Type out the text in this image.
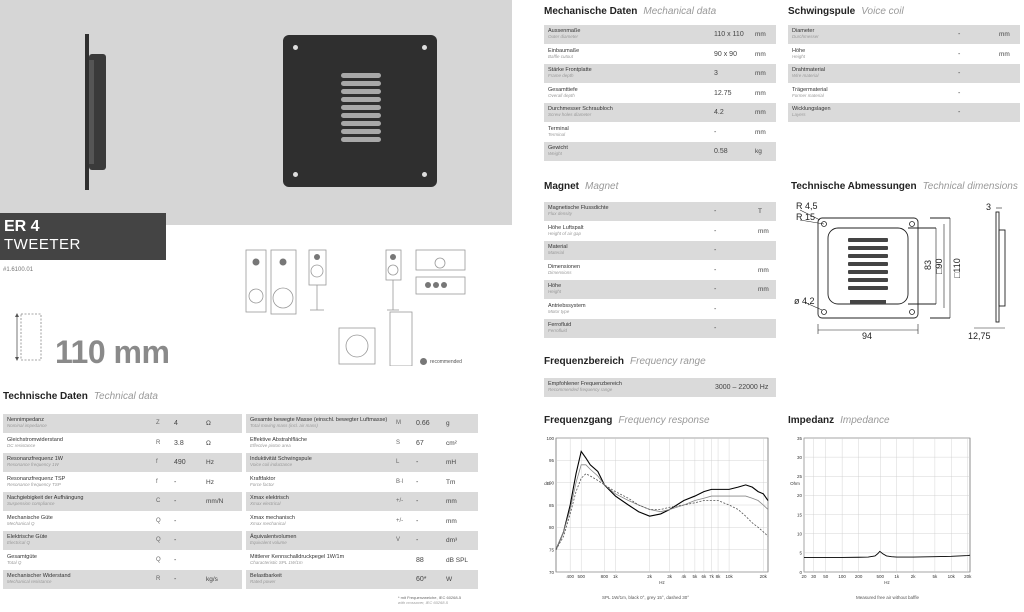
ER 4
TWEETER
#1.6100.01
110 mm	recommended
Technische Daten Technical data
Nennimpedanz
Nominal impedance	Z 4	Ω
Gleichstromwiderstand
DC resistance	R 3.8	Ω
Resonanzfrequenz 1W
Resonance frequency 1W	f 490	Hz
Resonanzfrequenz TSP
Resonance frequency TSP	f -	Hz
Nachgiebigkeit der Aufhängung
Suspension compliance	C -	mm/N
Mechanische Güte
Mechanical Q	Q -
Elektrische Güte
Electrical Q	Q -
Gesamtgüte
Total Q	Q -
Mechanischer Widerstand
Mechanical resistance	R -	kg/s
Gesamte bewegte Masse (einschl. bewegter Luftmasse)
Total moving mass (incl. air mass)	M 0.66	g
Effektive Abstrahlfläche
Effective piston area	S 67	cm²
Induktivität Schwingspule
Voice coil inductance	L -	mH
Kraftfaktor
Force factor	B·l -	Tm
Xmax elektrisch
Xmax electrical	+/- -	mm
Xmax mechanisch
Xmax mechanical	+/- -	mm
Äquivalentvolumen
Equivalent volume	V -	dm³
Mittlerer Kennschalldruckpegel 1W/1m
Characteristic SPL 1W/1m	88	dB SPL
Belastbarkeit
Rated power	60*	W
* mit Frequenzweiche, IEC 60268-5
with crossover, IEC 60268-5
Mechanische Daten Mechanical data
Aussenmaße
Outer diameter	110 x 110 mm
Einbaumaße
Baffle cutout	90 x 90	mm
Stärke Frontplatte
Frame depth	3	mm
Gesamttiefe
Overall depth	12.75	mm
Durchmesser Schraubloch
Screw holes diameter	4.2	mm
Terminal
Terminal	-	mm
Gewicht
Weight	0.58	kg
Schwingspule Voice coil
Diameter
Durchmesser	-	mm
Höhe
Height	-	mm
Drahtmaterial
Wire material	-
Trägermaterial
Former material	-
Wicklungslagen
Layers	-
Magnet Magnet
Magnetische Flussdichte
Flux density	-	T
Höhe Luftspalt
Height of air gap	-	mm
Material
Material	-
Dimensionen
Dimensions	-	mm
Höhe
Height	-	mm
Antriebssystem
Motor type	-
Ferrofluid
Ferrofluid	-
Technische Abmessungen Technical dimensions
R 4,5
R 15
ø 4,2
94
83 □90 □110
3
12,75
Frequenzbereich Frequency range
Empfohlener Frequenzbereich
Recommended frequency range	3000 – 22000 Hz
Frequenzgang Frequency response
70
75
80
85
90
95
100
400 500	800 1k	2k	3k 4k 5k 6k 7k 8k 10k	20k
dB
Hz
SPL 1W/1m, black 0°, grey 15°, dashed 30°
Impedanz Impedance
0
5
10
15
20
25
30
35
20 30 50 100 200	500 1k	2k	5k 10k 20k
Ohm
Hz
Measured free air without baffle
